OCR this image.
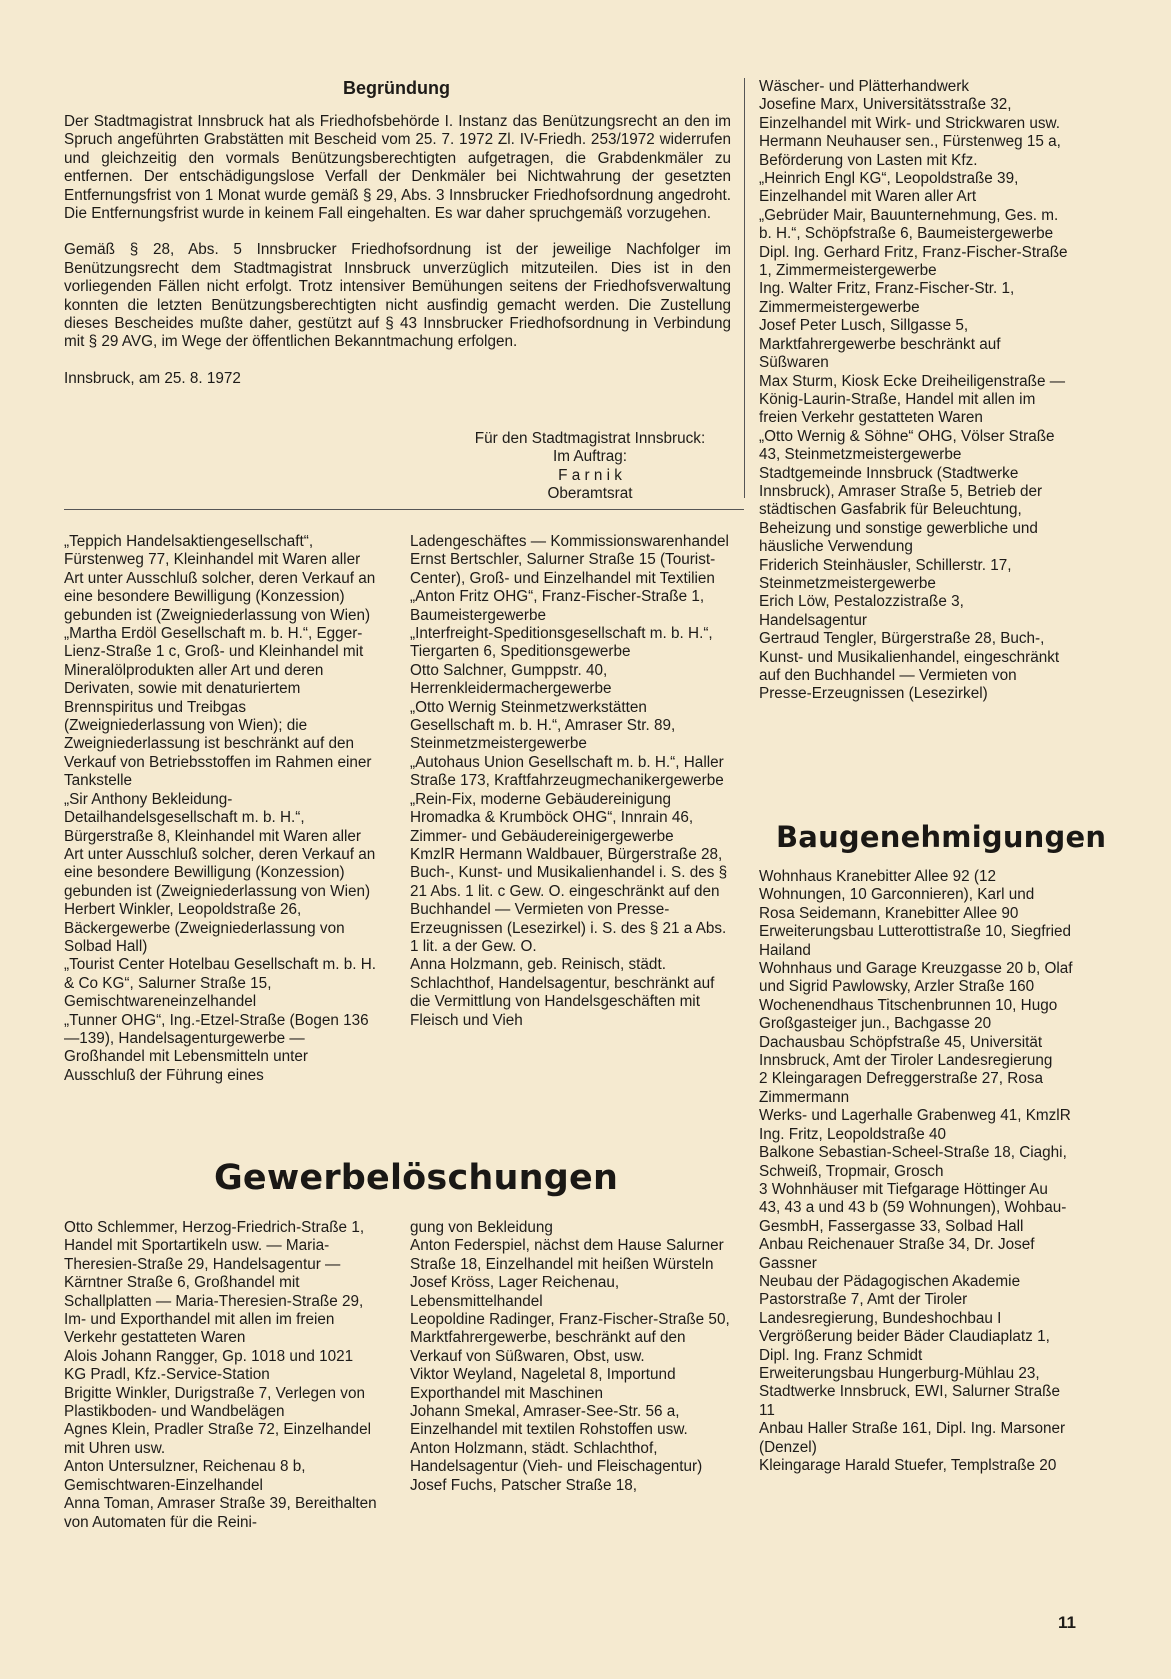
Begründung

Der Stadtmagistrat Innsbruck hat als Friedhofsbehörde I. Instanz das Benützungsrecht an den im Spruch angeführten Grabstätten mit Bescheid vom 25. 7. 1972 Zl. IV-Friedh. 253/1972 widerrufen und gleichzeitig den vormals Benützungsberechtigten aufgetragen, die Grabdenkmäler zu entfernen. Der entschädigungslose Verfall der Denkmäler bei Nichtwahrung der gesetzten Entfernungsfrist von 1 Monat wurde gemäß § 29, Abs. 3 Innsbrucker Friedhofsordnung angedroht. Die Entfernungsfrist wurde in keinem Fall eingehalten. Es war daher spruchgemäß vorzugehen.

Gemäß § 28, Abs. 5 Innsbrucker Friedhofsordnung ist der jeweilige Nachfolger im Benützungsrecht dem Stadtmagistrat Innsbruck unverzüglich mitzuteilen. Dies ist in den vorliegenden Fällen nicht erfolgt. Trotz intensiver Bemühungen seitens der Friedhofsverwaltung konnten die letzten Benützungsberechtigten nicht ausfindig gemacht werden. Die Zustellung dieses Bescheides mußte daher, gestützt auf § 43 Innsbrucker Friedhofsordnung in Verbindung mit § 29 AVG, im Wege der öffentlichen Bekanntmachung erfolgen.

Innsbruck, am 25. 8. 1972

Für den Stadtmagistrat Innsbruck:
Im Auftrag:
F a r n i k
Oberamtsrat

Wäscher- und Plätterhandwerk

Josefine Marx, Universitätsstraße 32, Einzelhandel mit Wirk- und Strickwaren usw.

Hermann Neuhauser sen., Fürstenweg 15 a, Beförderung von Lasten mit Kfz.

„Heinrich Engl KG“, Leopoldstraße 39, Einzelhandel mit Waren aller Art

„Gebrüder Mair, Bauunternehmung, Ges. m. b. H.“, Schöpfstraße 6, Baumeistergewerbe

Dipl. Ing. Gerhard Fritz, Franz-Fischer-Straße 1, Zimmermeistergewerbe

Ing. Walter Fritz, Franz-Fischer-Str. 1, Zimmermeistergewerbe

Josef Peter Lusch, Sillgasse 5, Marktfahrergewerbe beschränkt auf Süßwaren

Max Sturm, Kiosk Ecke Dreiheiligenstraße — König-Laurin-Straße, Handel mit allen im freien Verkehr gestatteten Waren

„Otto Wernig & Söhne“ OHG, Völser Straße 43, Steinmetzmeistergewerbe

Stadtgemeinde Innsbruck (Stadtwerke Innsbruck), Amraser Straße 5, Betrieb der städtischen Gasfabrik für Beleuchtung, Beheizung und sonstige gewerbliche und häusliche Verwendung

Friderich Steinhäusler, Schillerstr. 17, Steinmetzmeistergewerbe

Erich Löw, Pestalozzistraße 3, Handelsagentur

Gertraud Tengler, Bürgerstraße 28, Buch-, Kunst- und Musikalienhandel, eingeschränkt auf den Buchhandel — Vermieten von Presse-Erzeugnissen (Lesezirkel)

Baugenehmigungen

Wohnhaus Kranebitter Allee 92 (12 Wohnungen, 10 Garconnieren), Karl und Rosa Seidemann, Kranebitter Allee 90

Erweiterungsbau Lutterottistraße 10, Siegfried Hailand

Wohnhaus und Garage Kreuzgasse 20 b, Olaf und Sigrid Pawlowsky, Arzler Straße 160

Wochenendhaus Titschenbrunnen 10, Hugo Großgasteiger jun., Bachgasse 20

Dachausbau Schöpfstraße 45, Universität Innsbruck, Amt der Tiroler Landesregierung

2 Kleingaragen Defreggerstraße 27, Rosa Zimmermann

Werks- und Lagerhalle Grabenweg 41, KmzlR Ing. Fritz, Leopoldstraße 40

Balkone Sebastian-Scheel-Straße 18, Ciaghi, Schweiß, Tropmair, Grosch

3 Wohnhäuser mit Tiefgarage Höttinger Au 43, 43 a und 43 b (59 Wohnungen), Wohbau-GesmbH, Fassergasse 33, Solbad Hall

Anbau Reichenauer Straße 34, Dr. Josef Gassner

Neubau der Pädagogischen Akademie Pastorstraße 7, Amt der Tiroler Landesregierung, Bundeshochbau I

Vergrößerung beider Bäder Claudiaplatz 1, Dipl. Ing. Franz Schmidt

Erweiterungsbau Hungerburg-Mühlau 23, Stadtwerke Innsbruck, EWI, Salurner Straße 11

Anbau Haller Straße 161, Dipl. Ing. Marsoner (Denzel)

Kleingarage Harald Stuefer, Templstraße 20

„Teppich Handelsaktiengesellschaft“, Fürstenweg 77, Kleinhandel mit Waren aller Art unter Ausschluß solcher, deren Verkauf an eine besondere Bewilligung (Konzession) gebunden ist (Zweigniederlassung von Wien)

„Martha Erdöl Gesellschaft m. b. H.“, Egger-Lienz-Straße 1 c, Groß- und Kleinhandel mit Mineralölprodukten aller Art und deren Derivaten, sowie mit denaturiertem Brennspiritus und Treibgas (Zweigniederlassung von Wien); die Zweigniederlassung ist beschränkt auf den Verkauf von Betriebsstoffen im Rahmen einer Tankstelle

„Sir Anthony Bekleidung-Detailhandelsgesellschaft m. b. H.“, Bürgerstraße 8, Kleinhandel mit Waren aller Art unter Ausschluß solcher, deren Verkauf an eine besondere Bewilligung (Konzession) gebunden ist (Zweigniederlassung von Wien)

Herbert Winkler, Leopoldstraße 26, Bäckergewerbe (Zweigniederlassung von Solbad Hall)

„Tourist Center Hotelbau Gesellschaft m. b. H. & Co KG“, Salurner Straße 15, Gemischtwareneinzelhandel

„Tunner OHG“, Ing.-Etzel-Straße (Bogen 136—139), Handelsagenturgewerbe — Großhandel mit Lebensmitteln unter Ausschluß der Führung eines

Ladengeschäftes — Kommissionswarenhandel

Ernst Bertschler, Salurner Straße 15 (Tourist-Center), Groß- und Einzelhandel mit Textilien

„Anton Fritz OHG“, Franz-Fischer-Straße 1, Baumeistergewerbe

„Interfreight-Speditionsgesellschaft m. b. H.“, Tiergarten 6, Speditionsgewerbe

Otto Salchner, Gumppstr. 40, Herrenkleidermachergewerbe

„Otto Wernig Steinmetzwerkstätten Gesellschaft m. b. H.“, Amraser Str. 89, Steinmetzmeistergewerbe

„Autohaus Union Gesellschaft m. b. H.“, Haller Straße 173, Kraftfahrzeugmechanikergewerbe

„Rein-Fix, moderne Gebäudereinigung Hromadka & Krumböck OHG“, Innrain 46, Zimmer- und Gebäudereinigergewerbe

KmzlR Hermann Waldbauer, Bürgerstraße 28, Buch-, Kunst- und Musikalienhandel i. S. des § 21 Abs. 1 lit. c Gew. O. eingeschränkt auf den Buchhandel — Vermieten von Presse-Erzeugnissen (Lesezirkel) i. S. des § 21 a Abs. 1 lit. a der Gew. O.

Anna Holzmann, geb. Reinisch, städt. Schlachthof, Handelsagentur, beschränkt auf die Vermittlung von Handelsgeschäften mit Fleisch und Vieh

Gewerbelöschungen

Otto Schlemmer, Herzog-Friedrich-Straße 1, Handel mit Sportartikeln usw. — Maria-Theresien-Straße 29, Handelsagentur — Kärntner Straße 6, Großhandel mit Schallplatten — Maria-Theresien-Straße 29, Im- und Exporthandel mit allen im freien Verkehr gestatteten Waren

Alois Johann Rangger, Gp. 1018 und 1021 KG Pradl, Kfz.-Service-Station

Brigitte Winkler, Durigstraße 7, Verlegen von Plastikboden- und Wandbelägen

Agnes Klein, Pradler Straße 72, Einzelhandel mit Uhren usw.

Anton Untersulzner, Reichenau 8 b, Gemischtwaren-Einzelhandel

Anna Toman, Amraser Straße 39, Bereithalten von Automaten für die Reini-

gung von Bekleidung

Anton Federspiel, nächst dem Hause Salurner Straße 18, Einzelhandel mit heißen Würsteln

Josef Kröss, Lager Reichenau, Lebensmittelhandel

Leopoldine Radinger, Franz-Fischer-Straße 50, Marktfahrergewerbe, beschränkt auf den Verkauf von Süßwaren, Obst, usw.

Viktor Weyland, Nageletal 8, Importund Exporthandel mit Maschinen

Johann Smekal, Amraser-See-Str. 56 a, Einzelhandel mit textilen Rohstoffen usw.

Anton Holzmann, städt. Schlachthof, Handelsagentur (Vieh- und Fleischagentur)

Josef Fuchs, Patscher Straße 18,

11
